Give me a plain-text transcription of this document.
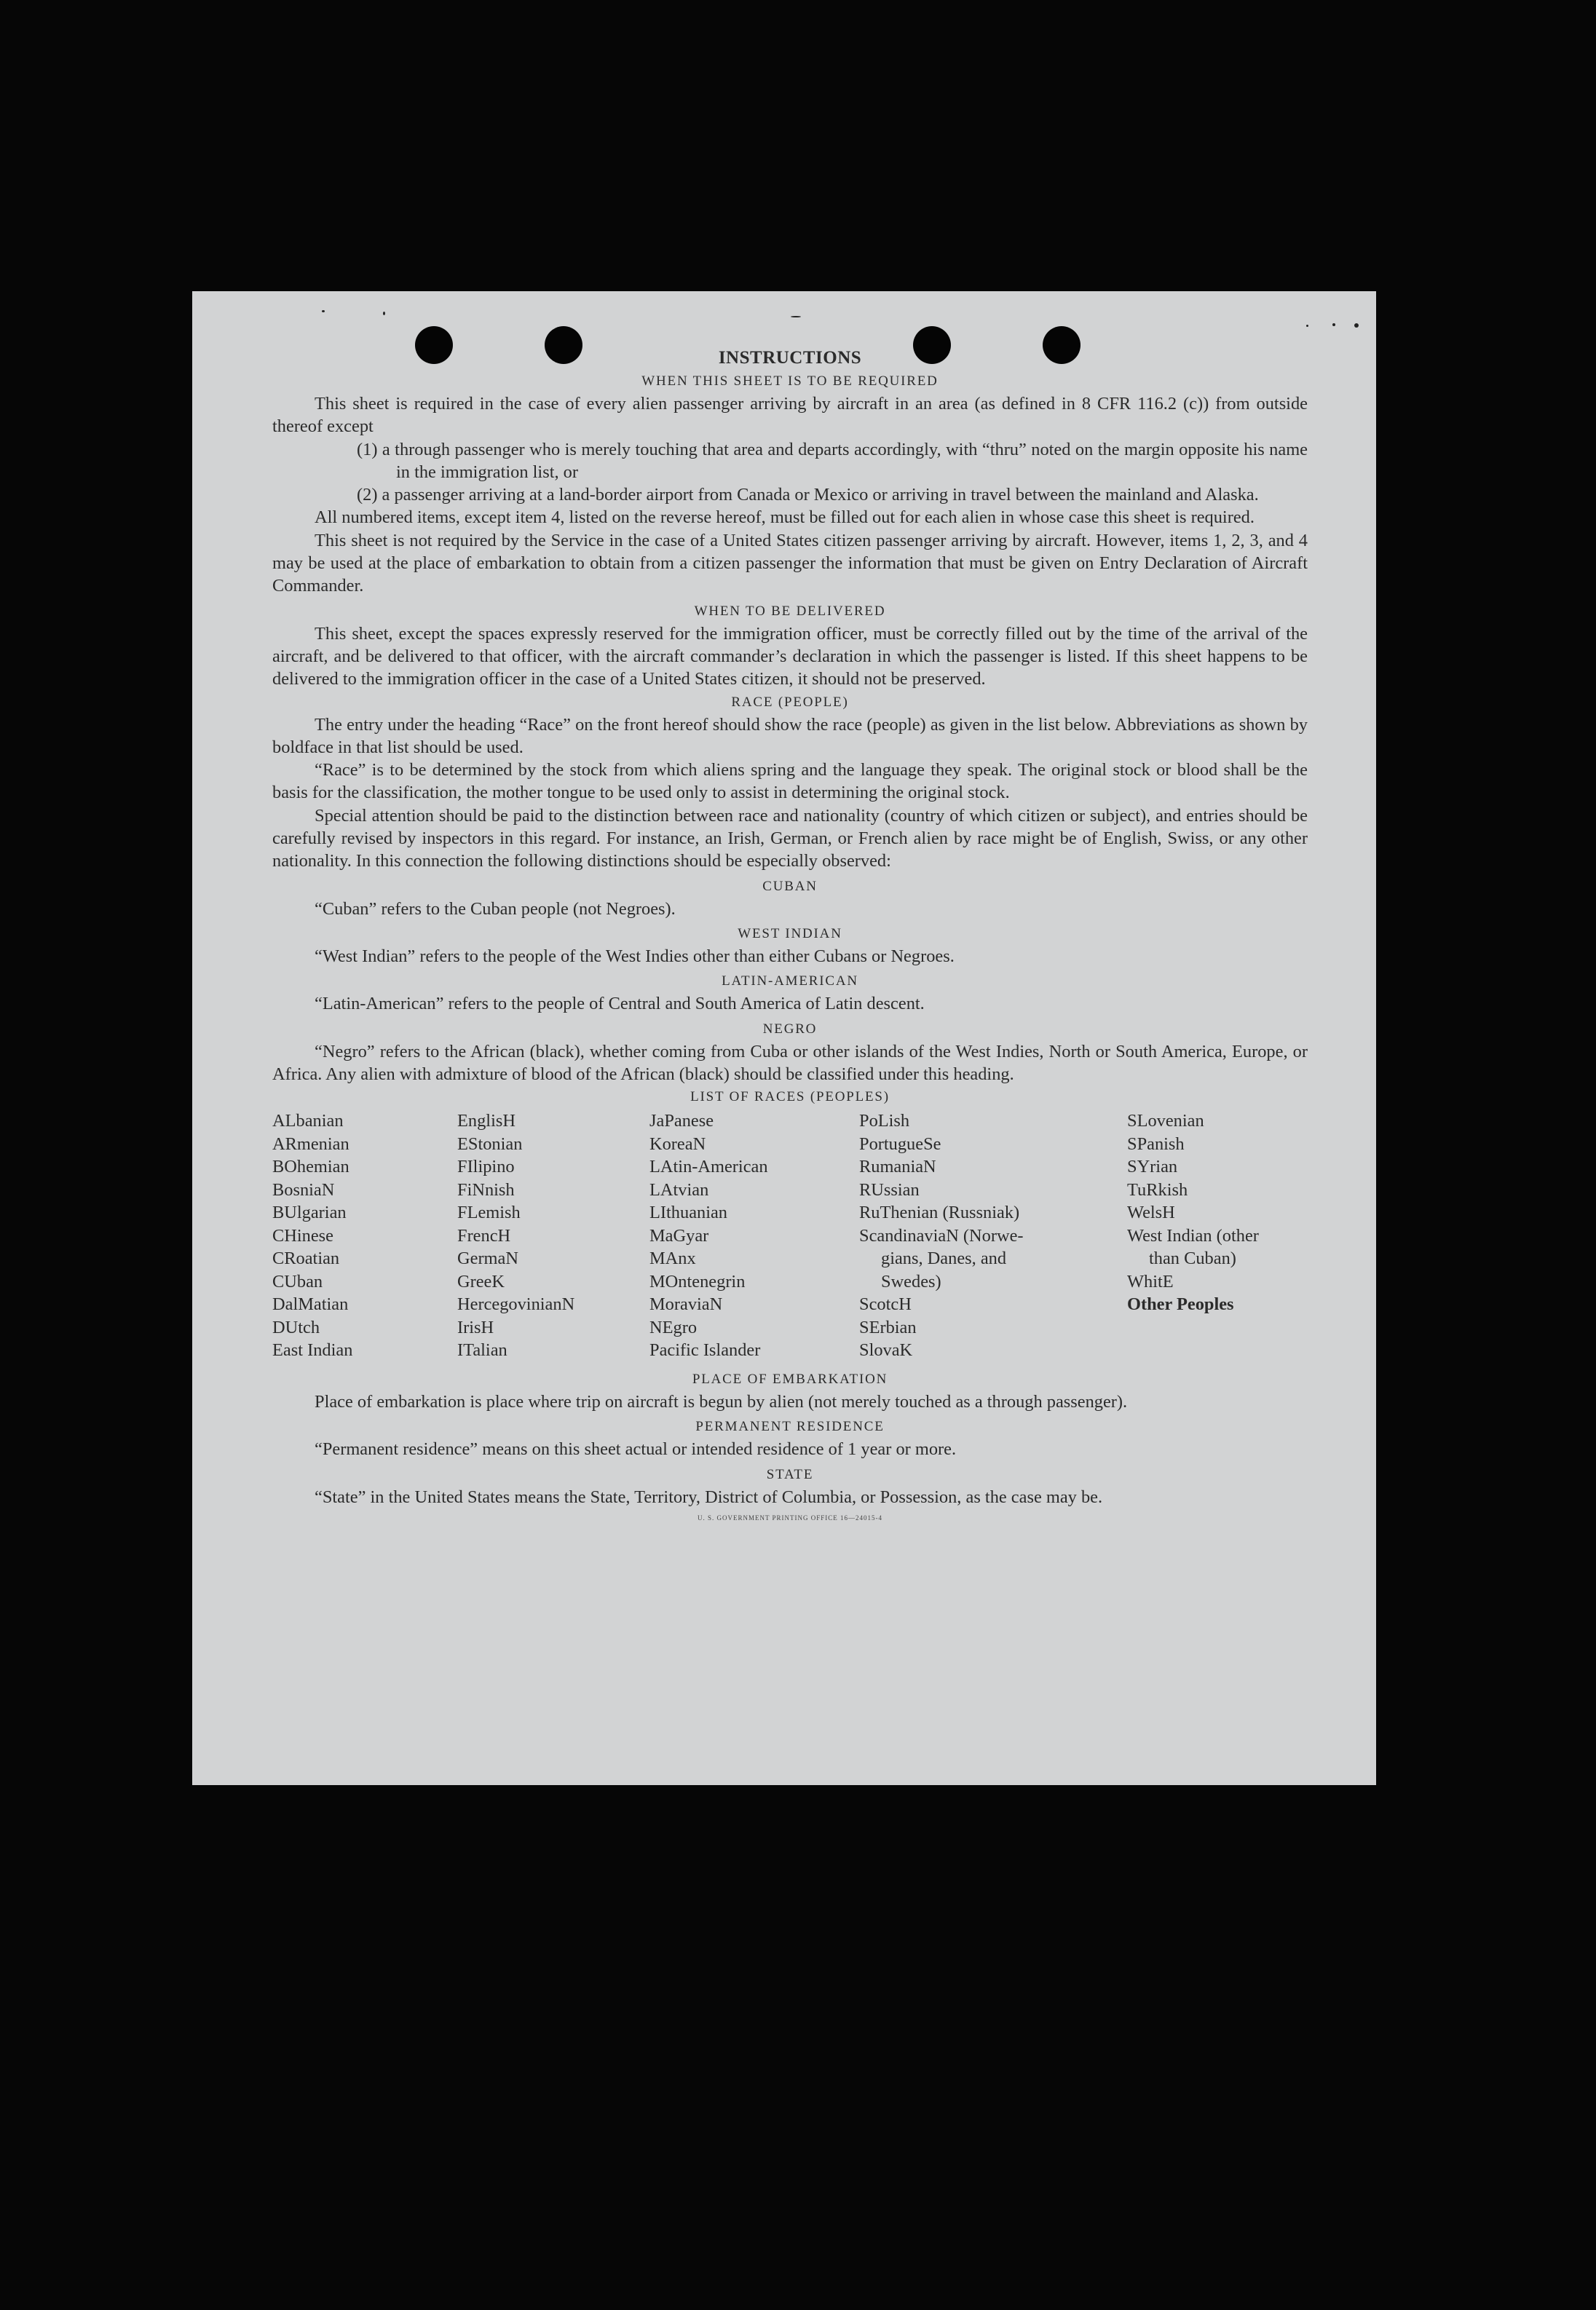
INSTRUCTIONS
WHEN THIS SHEET IS TO BE REQUIRED

This sheet is required in the case of every alien passenger arriving by aircraft in an area (as defined in 8 CFR 116.2 (c)) from outside thereof except

(1) a through passenger who is merely touching that area and departs accordingly, with “thru” noted on the margin opposite his name in the immigration list, or

(2) a passenger arriving at a land-border airport from Canada or Mexico or arriving in travel between the mainland and Alaska.

All numbered items, except item 4, listed on the reverse hereof, must be filled out for each alien in whose case this sheet is required.

This sheet is not required by the Service in the case of a United States citizen passenger arriving by aircraft. However, items 1, 2, 3, and 4 may be used at the place of embarkation to obtain from a citizen passenger the information that must be given on Entry Declaration of Aircraft Commander.

WHEN TO BE DELIVERED

This sheet, except the spaces expressly reserved for the immigration officer, must be correctly filled out by the time of the arrival of the aircraft, and be delivered to that officer, with the aircraft commander’s declaration in which the passenger is listed. If this sheet happens to be delivered to the immigration officer in the case of a United States citizen, it should not be preserved.

RACE (PEOPLE)

The entry under the heading “Race” on the front hereof should show the race (people) as given in the list below. Abbreviations as shown by boldface in that list should be used.

“Race” is to be determined by the stock from which aliens spring and the language they speak. The original stock or blood shall be the basis for the classification, the mother tongue to be used only to assist in determining the original stock.

Special attention should be paid to the distinction between race and nationality (country of which citizen or subject), and entries should be carefully revised by inspectors in this regard. For instance, an Irish, German, or French alien by race might be of English, Swiss, or any other nationality. In this connection the following distinctions should be especially observed:

CUBAN

“Cuban” refers to the Cuban people (not Negroes).

WEST INDIAN

“West Indian” refers to the people of the West Indies other than either Cubans or Negroes.

LATIN-AMERICAN

“Latin-American” refers to the people of Central and South America of Latin descent.

NEGRO

“Negro” refers to the African (black), whether coming from Cuba or other islands of the West Indies, North or South America, Europe, or Africa. Any alien with admixture of blood of the African (black) should be classified under this heading.

LIST OF RACES (PEOPLES)
ALbanian
ARmenian
BOhemian
BosniaN
BUlgarian
CHinese
CRoatian
CUban
DalMatian
DUtch
East Indian
EnglisH
EStonian
FIlipino
FiNnish
FLemish
FrencH
GermaN
GreeK
HercegovinianN
IrisH
ITalian
JaPanese
KoreaN
LAtin-American
LAtvian
LIthuanian
MaGyar
MAnx
MOntenegrin
MoraviaN
NEgro
Pacific Islander
PoLish
PortugueSe
RumaniaN
RUssian
RuThenian (Russniak)
ScandinaviaN (Norwe-
gians, Danes, and
Swedes)
ScotcH
SErbian
SlovaK
SLovenian
SPanish
SYrian
TuRkish
WelsH
West Indian (other
than Cuban)
WhitE
Other Peoples
PLACE OF EMBARKATION

Place of embarkation is place where trip on aircraft is begun by alien (not merely touched as a through passenger).

PERMANENT RESIDENCE

“Permanent residence” means on this sheet actual or intended residence of 1 year or more.

STATE

“State” in the United States means the State, Territory, District of Columbia, or Possession, as the case may be.

U. S. GOVERNMENT PRINTING OFFICE 16—24015-4
